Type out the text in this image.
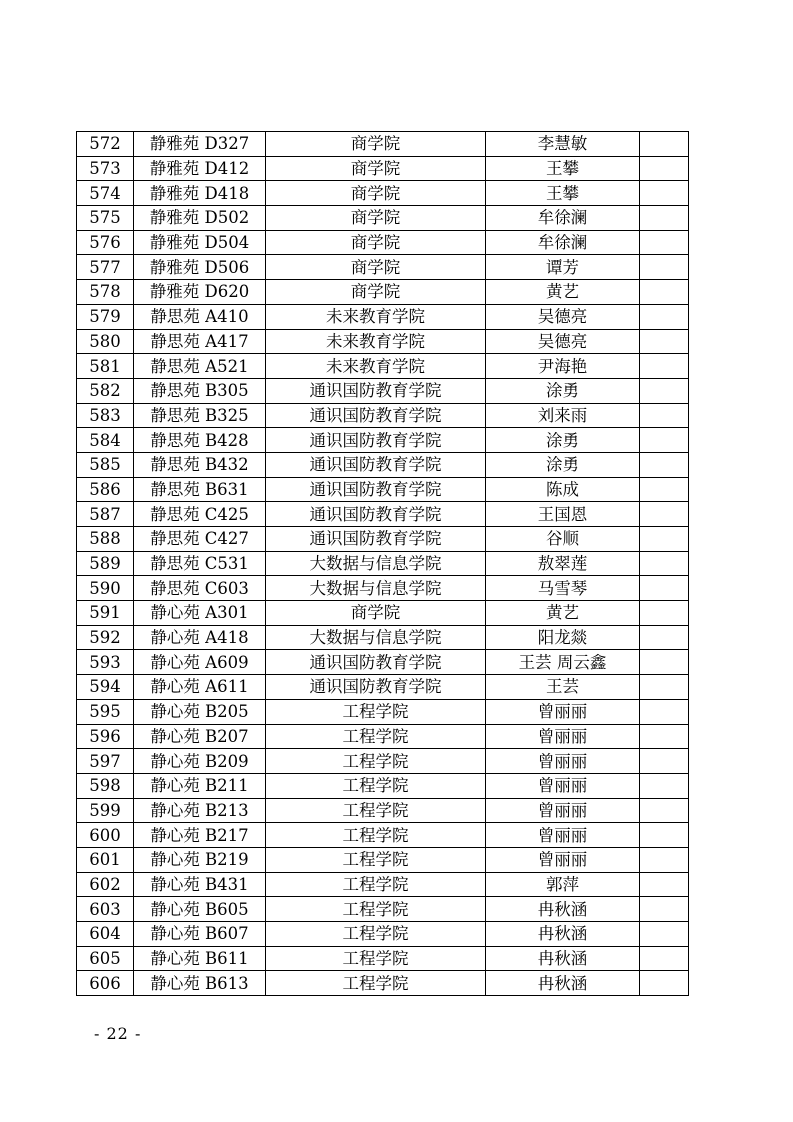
572	静雅苑 D327	商学院	李慧敏	
573	静雅苑 D412	商学院	王攀	
574	静雅苑 D418	商学院	王攀	
575	静雅苑 D502	商学院	牟徐澜	
576	静雅苑 D504	商学院	牟徐澜	
577	静雅苑 D506	商学院	谭芳	
578	静雅苑 D620	商学院	黄艺	
579	静思苑 A410	未来教育学院	吴德亮	
580	静思苑 A417	未来教育学院	吴德亮	
581	静思苑 A521	未来教育学院	尹海艳	
582	静思苑 B305	通识国防教育学院	涂勇	
583	静思苑 B325	通识国防教育学院	刘来雨	
584	静思苑 B428	通识国防教育学院	涂勇	
585	静思苑 B432	通识国防教育学院	涂勇	
586	静思苑 B631	通识国防教育学院	陈成	
587	静思苑 C425	通识国防教育学院	王国恩	
588	静思苑 C427	通识国防教育学院	谷顺	
589	静思苑 C531	大数据与信息学院	敖翠莲	
590	静思苑 C603	大数据与信息学院	马雪琴	
591	静心苑 A301	商学院	黄艺	
592	静心苑 A418	大数据与信息学院	阳龙燚	
593	静心苑 A609	通识国防教育学院	王芸 周云鑫	
594	静心苑 A611	通识国防教育学院	王芸	
595	静心苑 B205	工程学院	曾丽丽	
596	静心苑 B207	工程学院	曾丽丽	
597	静心苑 B209	工程学院	曾丽丽	
598	静心苑 B211	工程学院	曾丽丽	
599	静心苑 B213	工程学院	曾丽丽	
600	静心苑 B217	工程学院	曾丽丽	
601	静心苑 B219	工程学院	曾丽丽	
602	静心苑 B431	工程学院	郭萍	
603	静心苑 B605	工程学院	冉秋涵	
604	静心苑 B607	工程学院	冉秋涵	
605	静心苑 B611	工程学院	冉秋涵	
606	静心苑 B613	工程学院	冉秋涵	
- 22 -
